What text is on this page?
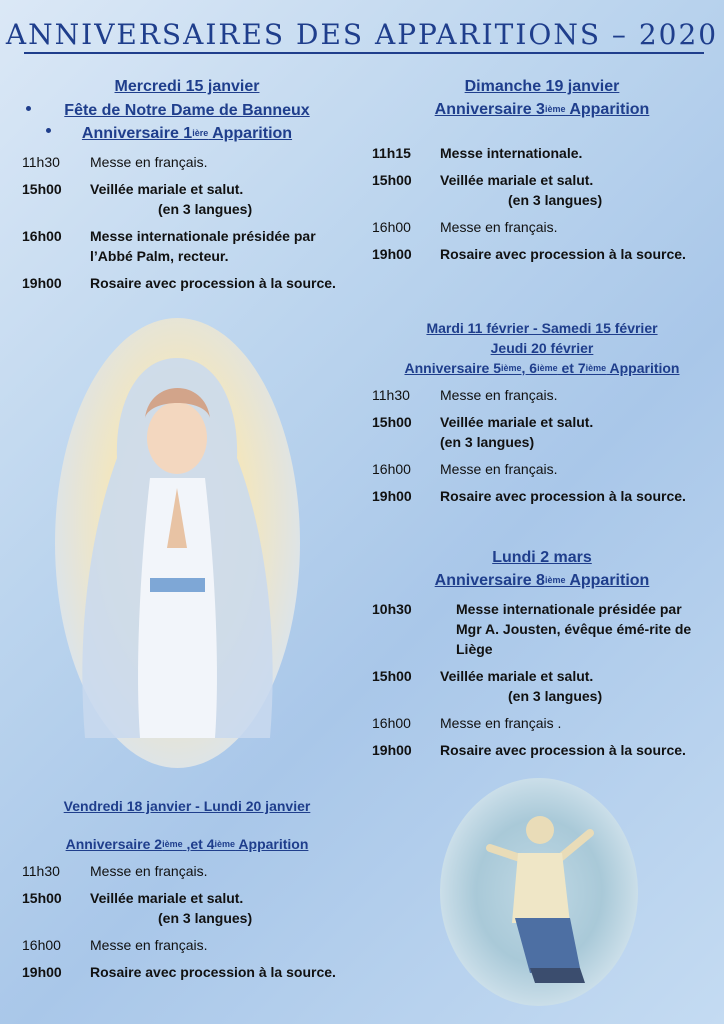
ANNIVERSAIRES DES APPARITIONS – 2020
Mercredi 15 janvier
Fête de Notre Dame de Banneux
Anniversaire $1^{ière}$ Apparition
11h30	Messe en français.
15h00	Veillée mariale et salut.
(en 3 langues)
16h00	Messe internationale présidée par l’Abbé Palm, recteur.
19h00	Rosaire avec procession à la source.
Dimanche 19 janvier
Anniversaire 3ième Apparition
11h15	Messe internationale.
15h00	Veillée mariale et salut.
(en 3 langues)
16h00	Messe en français.
19h00	Rosaire avec procession à la source.
Mardi 11 février - Samedi 15 février
Jeudi 20 février
Anniversaire 5ième, 6ième et 7ième Apparition
11h30	Messe en français.
15h00	Veillée mariale et salut.
(en 3 langues)
16h00	Messe en français.
19h00	Rosaire avec procession à la source.
Lundi 2 mars
Anniversaire 8ième Apparition
10h30	Messe internationale présidée par Mgr A. Jousten, évêque émé-rite de Liège
15h00	Veillée mariale et salut.
(en 3 langues)
16h00	Messe en français .
19h00	Rosaire avec procession à la source.
Vendredi 18 janvier - Lundi 20 janvier
Anniversaire 2ième ,et 4ième Apparition
11h30	Messe en français.
15h00	Veillée mariale et salut.
(en 3 langues)
16h00	Messe en français.
19h00	Rosaire avec procession à la source.
